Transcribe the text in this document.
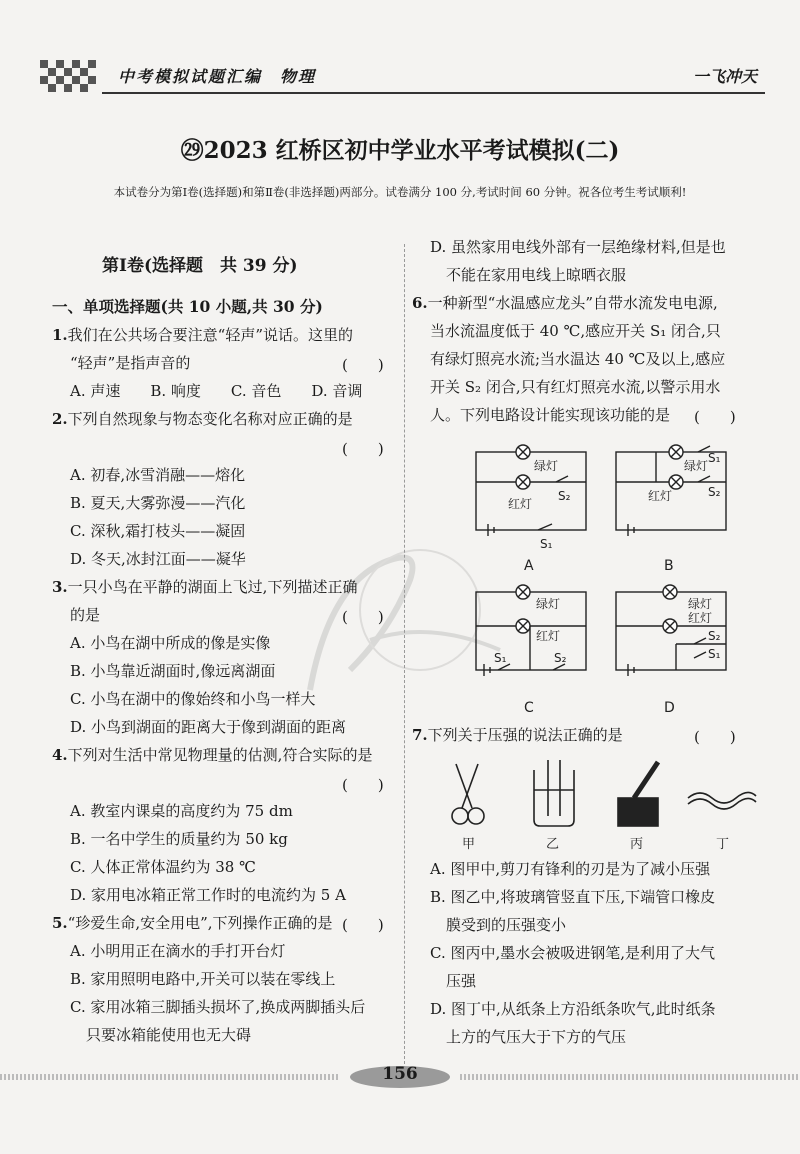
中考模拟试题汇编　物理	一飞冲天
㉙2023 红桥区初中学业水平考试模拟(二)
本试卷分为第Ⅰ卷(选择题)和第Ⅱ卷(非选择题)两部分。试卷满分 100 分,考试时间 60 分钟。祝各位考生考试顺利!
第Ⅰ卷(选择题　共 39 分)
一、单项选择题(共 10 小题,共 30 分)
1.我们在公共场合要注意“轻声”说话。这里的
“轻声”是指声音的	(　　)
A. 声速　　B. 响度　　C. 音色　　D. 音调
2.下列自然现象与物态变化名称对应正确的是
(　　)
A. 初春,冰雪消融——熔化
B. 夏天,大雾弥漫——汽化
C. 深秋,霜打枝头——凝固
D. 冬天,冰封江面——凝华
3.一只小鸟在平静的湖面上飞过,下列描述正确
的是	(　　)
A. 小鸟在湖中所成的像是实像
B. 小鸟靠近湖面时,像远离湖面
C. 小鸟在湖中的像始终和小鸟一样大
D. 小鸟到湖面的距离大于像到湖面的距离
4.下列对生活中常见物理量的估测,符合实际的是
(　　)
A. 教室内课桌的高度约为 75 dm
B. 一名中学生的质量约为 50 kg
C. 人体正常体温约为 38 ℃
D. 家用电冰箱正常工作时的电流约为 5 A
5.“珍爱生命,安全用电”,下列操作正确的是 (　　)
A. 小明用正在滴水的手打开台灯
B. 家用照明电路中,开关可以装在零线上
C. 家用冰箱三脚插头损坏了,换成两脚插头后
只要冰箱能使用也无大碍
D. 虽然家用电线外部有一层绝缘材料,但是也
不能在家用电线上晾晒衣服
6.一种新型“水温感应龙头”自带水流发电电源,
当水流温度低于 40 ℃,感应开关 S₁ 闭合,只
有绿灯照亮水流;当水温达 40 ℃及以上,感应
开关 S₂ 闭合,只有红灯照亮水流,以警示用水
人。下列电路设计能实现该功能的是 (　　)
绿灯
红灯
S₂
S₁
绿灯
红灯
S₁
S₂
绿灯
红灯
S₁	S₂
绿灯
红灯
S₂
S₁
A	B
C	D
7.下列关于压强的说法正确的是	(　　)
甲	乙	丙	丁
A. 图甲中,剪刀有锋利的刃是为了减小压强
B. 图乙中,将玻璃管竖直下压,下端管口橡皮
膜受到的压强变小
C. 图丙中,墨水会被吸进钢笔,是利用了大气
压强
D. 图丁中,从纸条上方沿纸条吹气,此时纸条
上方的气压大于下方的气压
156
